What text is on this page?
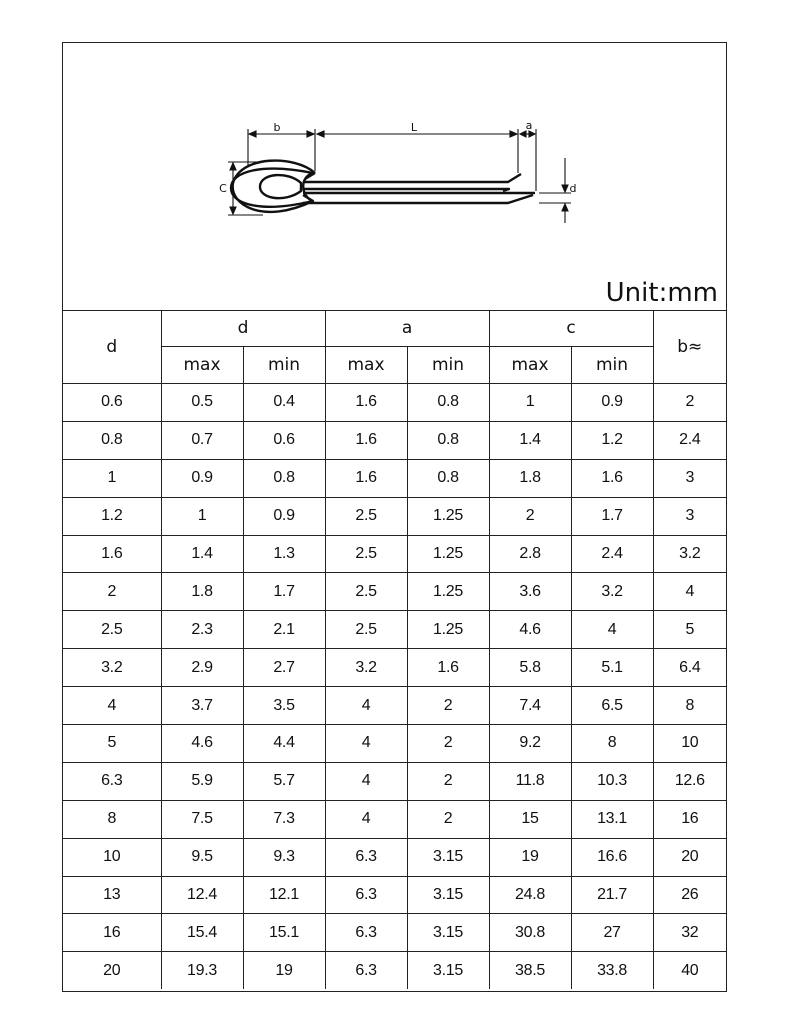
b	L	a
C	d
Unit:mm
d	d		a		c		b≈
	max	min	max	min	max	min	
0.6	0.5	0.4	1.6	0.8	1	0.9	2
0.8	0.7	0.6	1.6	0.8	1.4	1.2	2.4
1	0.9	0.8	1.6	0.8	1.8	1.6	3
1.2	1	0.9	2.5	1.25	2	1.7	3
1.6	1.4	1.3	2.5	1.25	2.8	2.4	3.2
2	1.8	1.7	2.5	1.25	3.6	3.2	4
2.5	2.3	2.1	2.5	1.25	4.6	4	5
3.2	2.9	2.7	3.2	1.6	5.8	5.1	6.4
4	3.7	3.5	4	2	7.4	6.5	8
5	4.6	4.4	4	2	9.2	8	10
6.3	5.9	5.7	4	2	11.8	10.3	12.6
8	7.5	7.3	4	2	15	13.1	16
10	9.5	9.3	6.3	3.15	19	16.6	20
13	12.4	12.1	6.3	3.15	24.8	21.7	26
16	15.4	15.1	6.3	3.15	30.8	27	32
20	19.3	19	6.3	3.15	38.5	33.8	40
